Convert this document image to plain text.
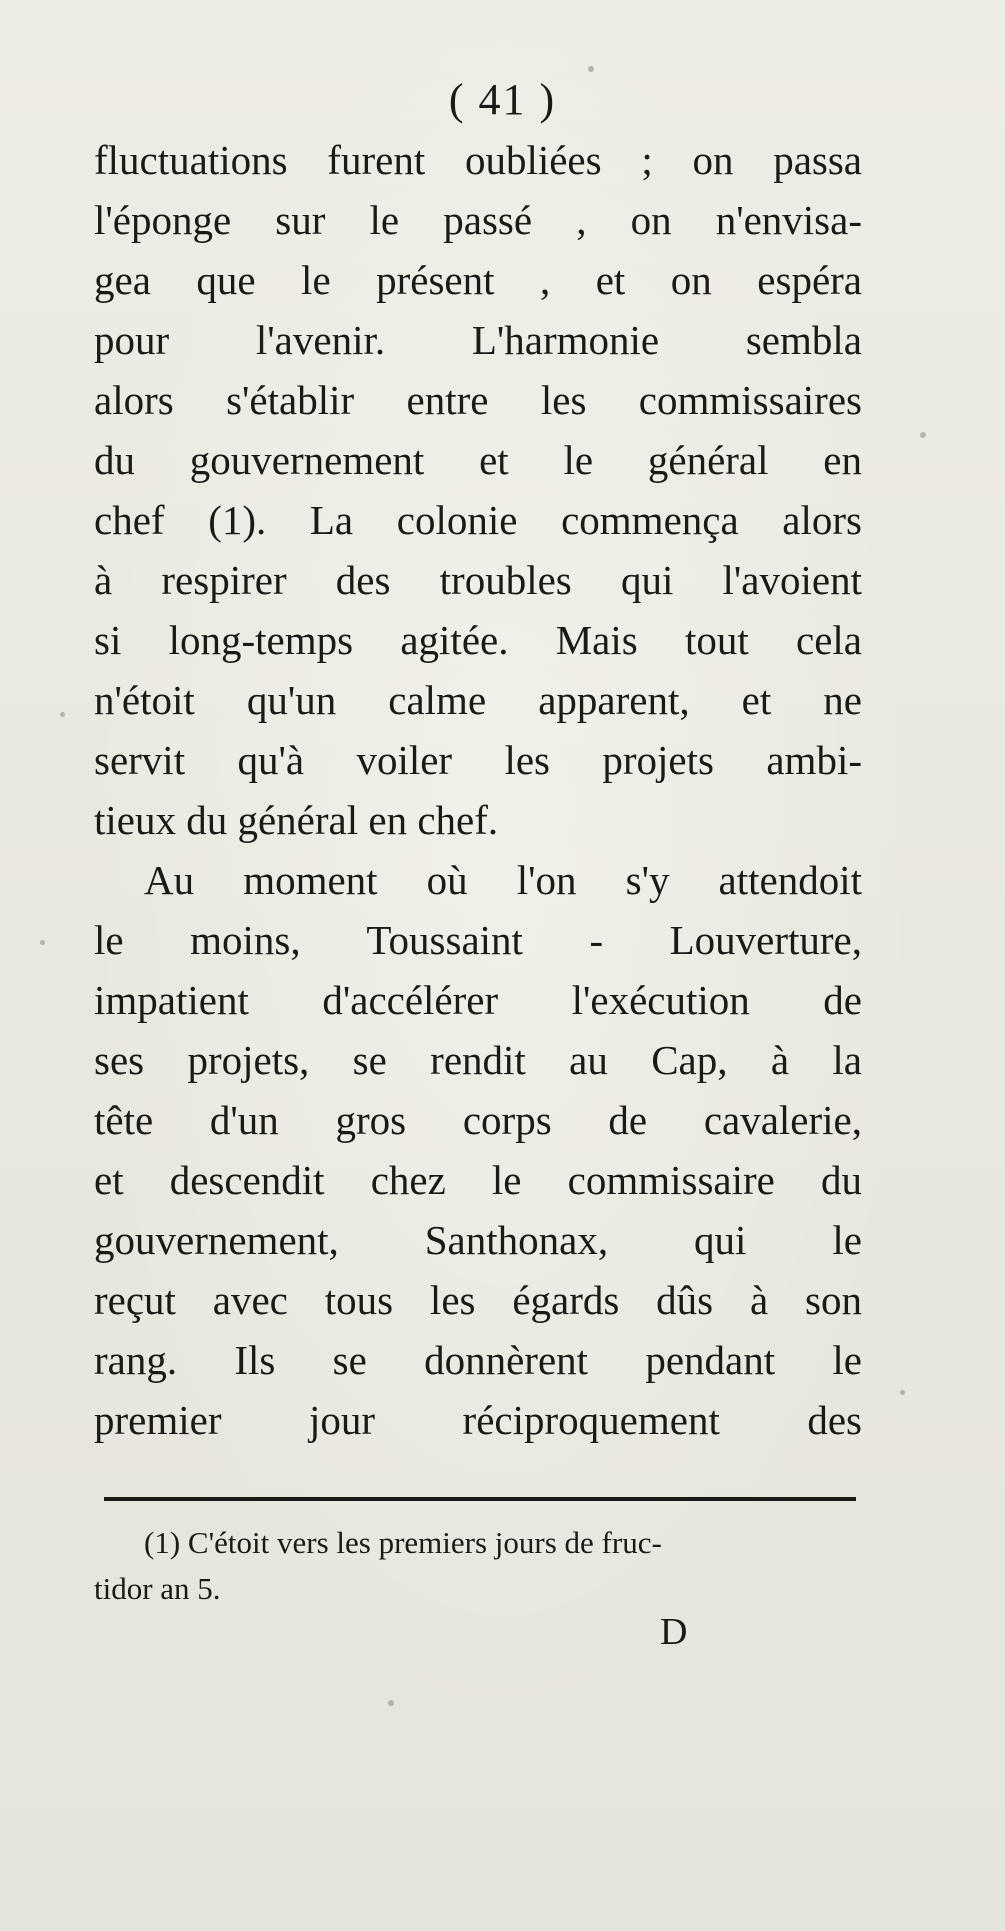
( 41 )
fluctuations furent oubliées ; on passa
l'éponge sur le passé , on n'envisa-
gea que le présent , et on espéra
pour l'avenir. L'harmonie sembla
alors s'établir entre les commissaires
du gouvernement et le général en
chef (1). La colonie commença alors
à respirer des troubles qui l'avoient
si long-temps agitée. Mais tout cela
n'étoit qu'un calme apparent, et ne
servit qu'à voiler les projets ambi-
tieux du général en chef.
Au moment où l'on s'y attendoit
le moins, Toussaint - Louverture,
impatient d'accélérer l'exécution de
ses projets, se rendit au Cap, à la
tête d'un gros corps de cavalerie,
et descendit chez le commissaire du
gouvernement, Santhonax, qui le
reçut avec tous les égards dûs à son
rang. Ils se donnèrent pendant le
premier jour réciproquement des
(1) C'étoit vers les premiers jours de fruc-
tidor an 5.
D
